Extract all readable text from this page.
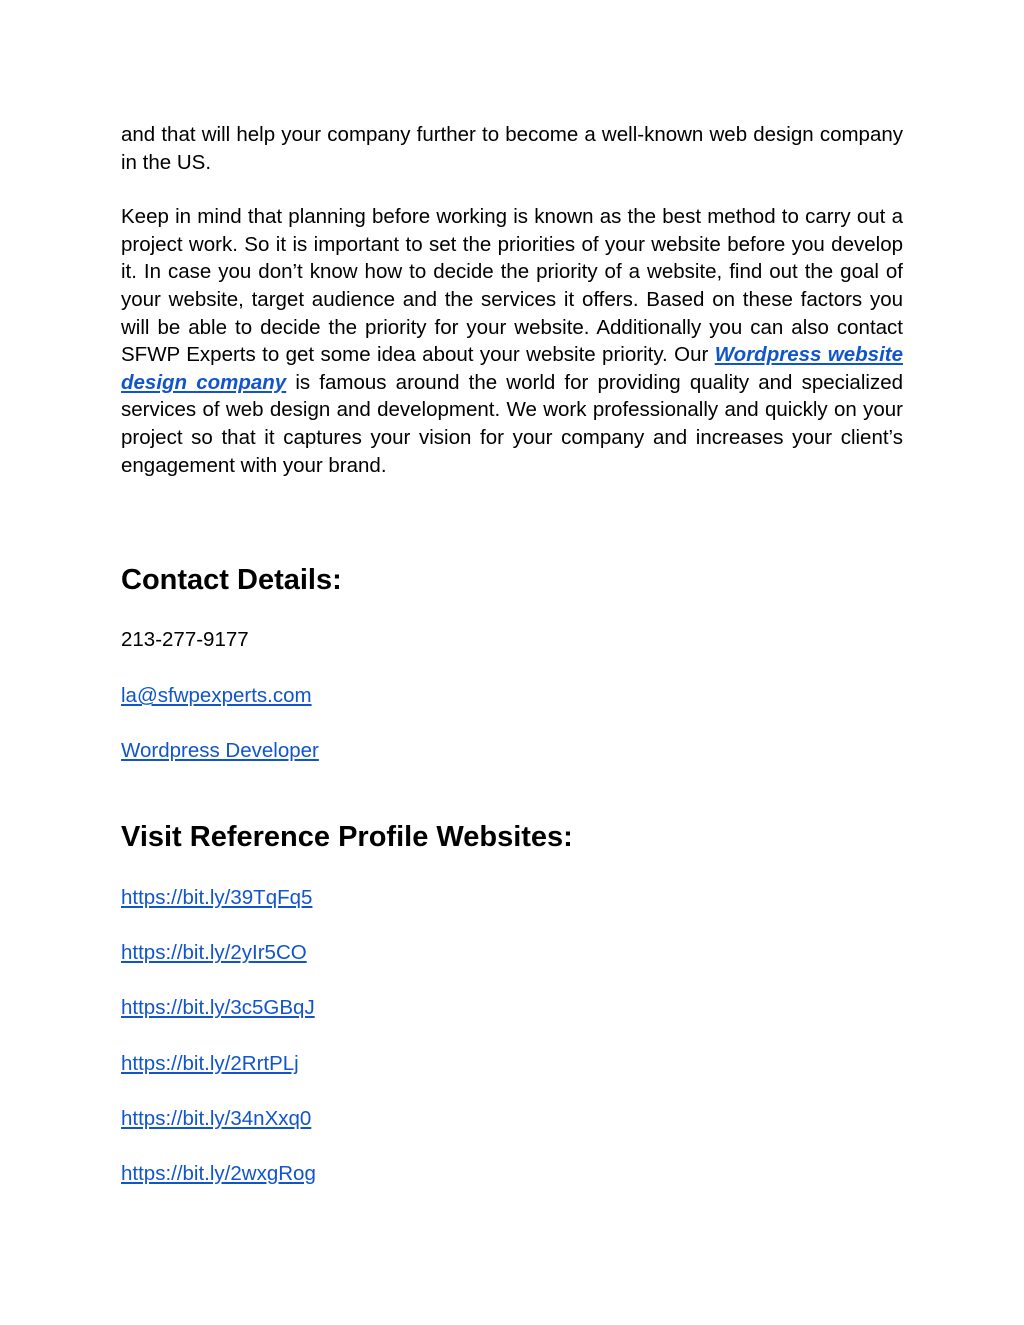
and that will help your company further to become a well-known web design company in the US.

Keep in mind that planning before working is known as the best method to carry out a project work. So it is important to set the priorities of your website before you develop it. In case you don’t know how to decide the priority of a website, find out the goal of your website, target audience and the services it offers. Based on these factors you will be able to decide the priority for your website. Additionally you can also contact SFWP Experts to get some idea about your website priority. Our Wordpress website design company is famous around the world for providing quality and specialized services of web design and development. We work professionally and quickly on your project so that it captures your vision for your company and increases your client’s engagement with your brand.

Contact Details:

213-277-9177

la@sfwpexperts.com

Wordpress Developer

Visit Reference Profile Websites:
https://bit.ly/39TqFq5
https://bit.ly/2yIr5CO
https://bit.ly/3c5GBqJ
https://bit.ly/2RrtPLj
https://bit.ly/34nXxq0
https://bit.ly/2wxgRog
